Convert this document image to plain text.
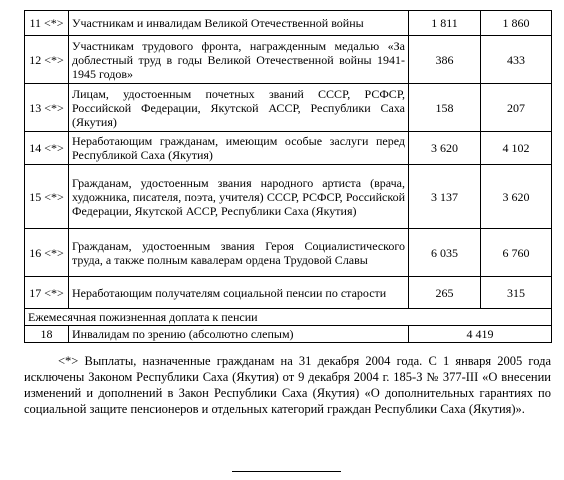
11 <*>	Участникам и инвалидам Великой Отечественной войны	1 811	1 860
12 <*>	Участникам трудового фронта, награжденным медалью «За доблестный труд в годы Великой Отечественной войны 1941-1945 годов»	386	433
13 <*>	Лицам, удостоенным почетных званий СССР, РСФСР, Российской Федерации, Якутской АССР, Республики Саха (Якутия)	158	207
14 <*>	Неработающим гражданам, имеющим особые заслуги перед Республикой Саха (Якутия)	3 620	4 102
15 <*>	Гражданам, удостоенным звания народного артиста (врача, художника, писателя, поэта, учителя) СССР, РСФСР, Российской Федерации, Якутской АССР, Республики Саха (Якутия)	3 137	3 620
16 <*>	Гражданам, удостоенным звания Героя Социалистического труда, а также полным кавалерам ордена Трудовой Славы	6 035	6 760
17 <*>	Неработающим получателям социальной пенсии по старости	265	315
Ежемесячная пожизненная доплата к пенсии			
18	Инвалидам по зрению (абсолютно слепым)	4 419	

<*> Выплаты, назначенные гражданам на 31 декабря 2004 года. С 1 января 2005 года исключены Законом Республики Саха (Якутия) от 9 декабря 2004 г. 185-З № 377-III «О внесении изменений и дополнений в Закон Республики Саха (Якутия) «О дополнительных гарантиях по социальной защите пенсионеров и отдельных категорий граждан Республики Саха (Якутия)».
